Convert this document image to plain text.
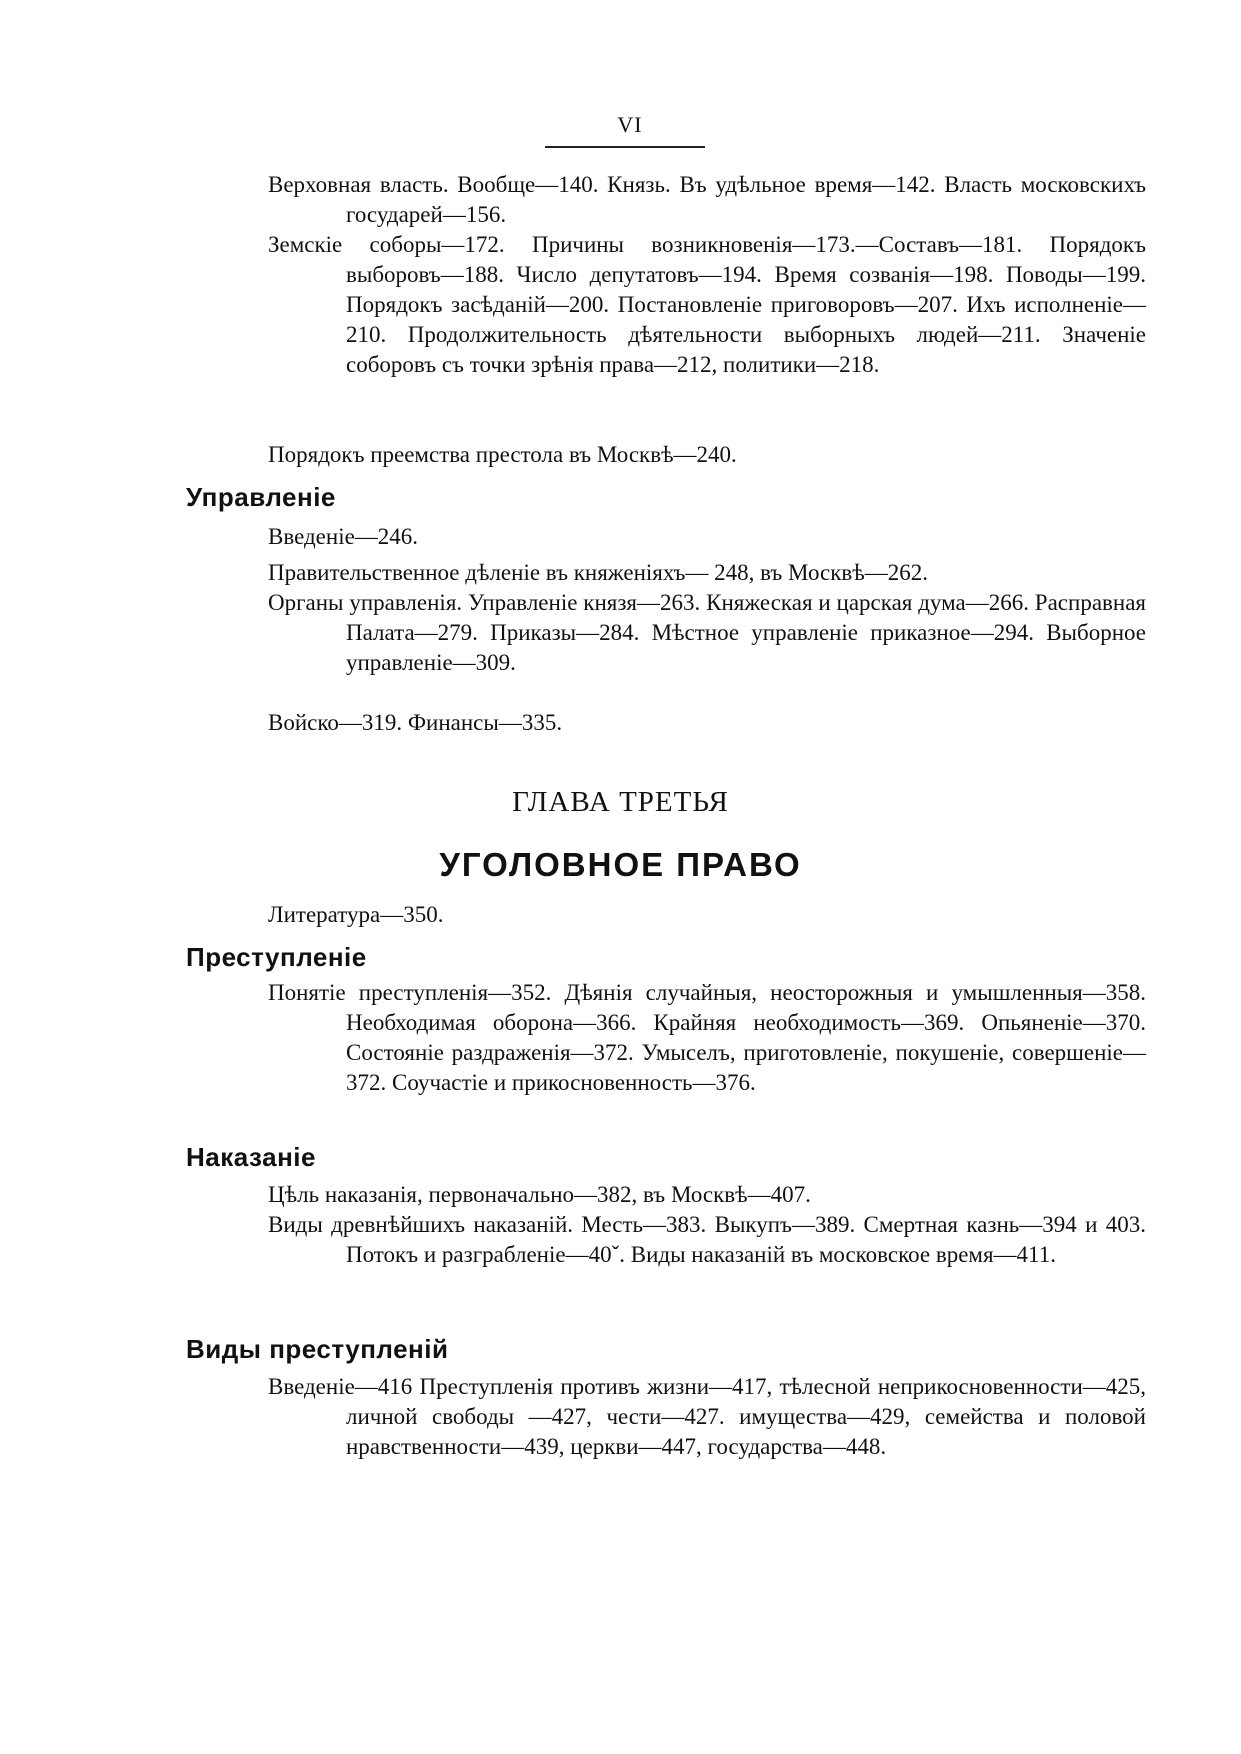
VI
Верховная власть. Вообще—140. Князь. Въ удѣльное время—142. Власть московскихъ государей—156.
Земскіе соборы—172. Причины возникновенія—173.—Составъ—181. Порядокъ выборовъ—188. Число депутатовъ—194. Время созванія—198. Поводы—199. Порядокъ засѣданій—200. Постановленіе приговоровъ—207. Ихъ исполненіе—210. Продолжительность дѣятельности выборныхъ людей—211. Значеніе соборовъ съ точки зрѣнія права—212, политики—218.
Порядокъ преемства престола въ Москвѣ—240.
Управленіе
Введеніе—246.
Правительственное дѣленіе въ княженіяхъ— 248, въ Москвѣ—262.
Органы управленія. Управленіе князя—263. Княжеская и царская дума—266. Расправная Палата—279. Приказы—284. Мѣстное управленіе приказное—294. Выборное управленіе—309.
Войско—319. Финансы—335.
ГЛАВА ТРЕТЬЯ
УГОЛОВНОЕ ПРАВО
Литература—350.
Преступленіе
Понятіе преступленія—352. Дѣянія случайныя, неосторожныя и умышленныя—358. Необходимая оборона—366. Крайняя необходимость—369. Опьяненіе—370. Состояніе раздраженія—372. Умыселъ, приготовленіе, покушеніе, совершеніе—372. Соучастіе и прикосновенность—376.
Наказаніе
Цѣль наказанія, первоначально—382, въ Москвѣ—407.
Виды древнѣйшихъ наказаній. Месть—383. Выкупъ—389. Смертная казнь—394 и 403. Потокъ и разграбленіе—40ˇ. Виды наказаній въ московское время—411.
Виды преступленій
Введеніе—416 Преступленія противъ жизни—417, тѣлесной неприкосновенности—425, личной свободы —427, чести—427. имущества—429, семейства и половой нравственности—439, церкви—447, государства—448.
